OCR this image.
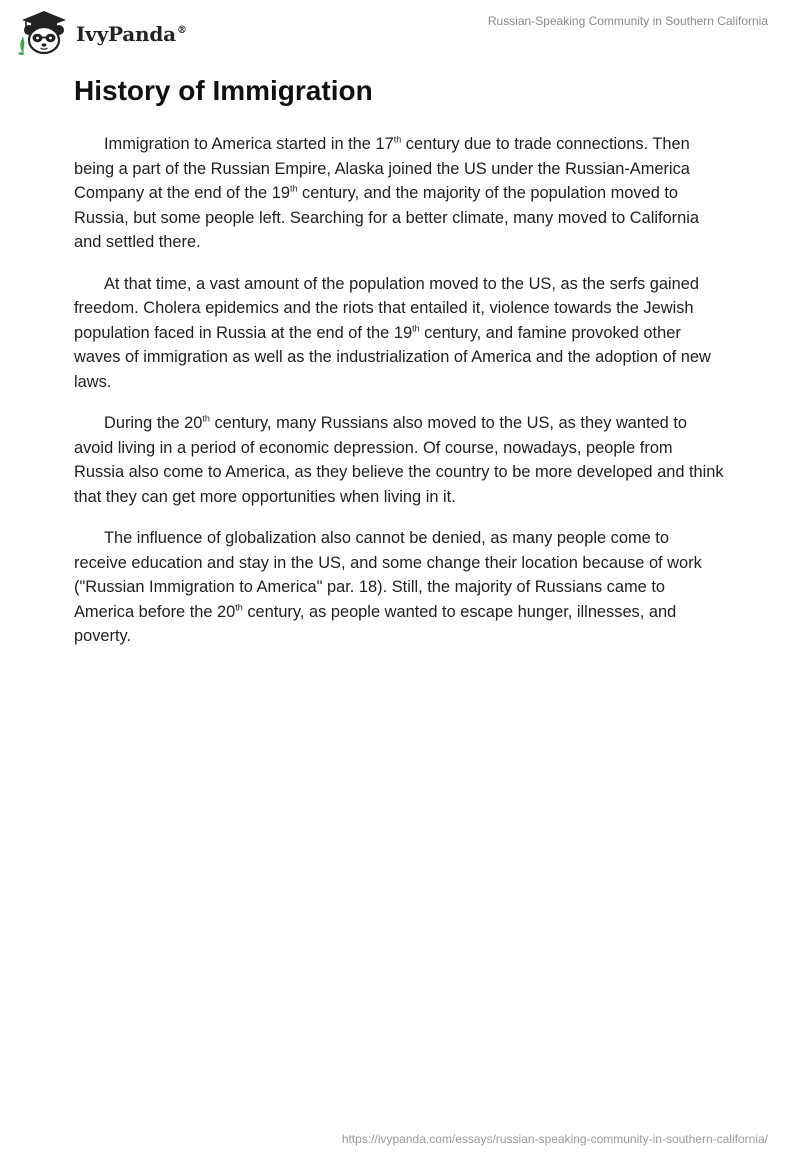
IvyPanda®
Russian-Speaking Community in Southern California
History of Immigration

Immigration to America started in the 17th century due to trade connections. Then being a part of the Russian Empire, Alaska joined the US under the Russian-America Company at the end of the 19th century, and the majority of the population moved to Russia, but some people left. Searching for a better climate, many moved to California and settled there.

At that time, a vast amount of the population moved to the US, as the serfs gained freedom. Cholera epidemics and the riots that entailed it, violence towards the Jewish population faced in Russia at the end of the 19th century, and famine provoked other waves of immigration as well as the industrialization of America and the adoption of new laws.

During the 20th century, many Russians also moved to the US, as they wanted to avoid living in a period of economic depression. Of course, nowadays, people from Russia also come to America, as they believe the country to be more developed and think that they can get more opportunities when living in it.

The influence of globalization also cannot be denied, as many people come to receive education and stay in the US, and some change their location because of work ("Russian Immigration to America" par. 18). Still, the majority of Russians came to America before the 20th century, as people wanted to escape hunger, illnesses, and poverty.

https://ivypanda.com/essays/russian-speaking-community-in-southern-california/
